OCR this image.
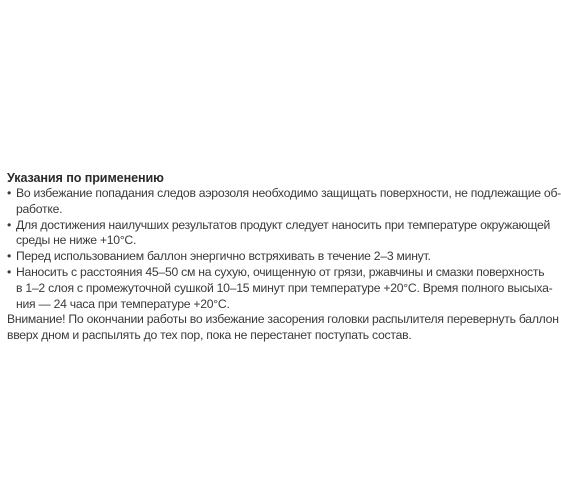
Указания по применению
• Во избежание попадания следов аэрозоля необходимо защищать поверхности, не подлежащие об-
работке.
• Для достижения наилучших результатов продукт следует наносить при температуре окружающей
среды не ниже +10°C.
• Перед использованием баллон энергично встряхивать в течение 2–3 минут.
• Наносить с расстояния 45–50 см на сухую, очищенную от грязи, ржавчины и смазки поверхность
в 1–2 слоя с промежуточной сушкой 10–15 минут при температуре +20°C. Время полного высыха-
ния — 24 часа при температуре +20°C.
Внимание! По окончании работы во избежание засорения головки распылителя перевернуть баллон
вверх дном и распылять до тех пор, пока не перестанет поступать состав.
